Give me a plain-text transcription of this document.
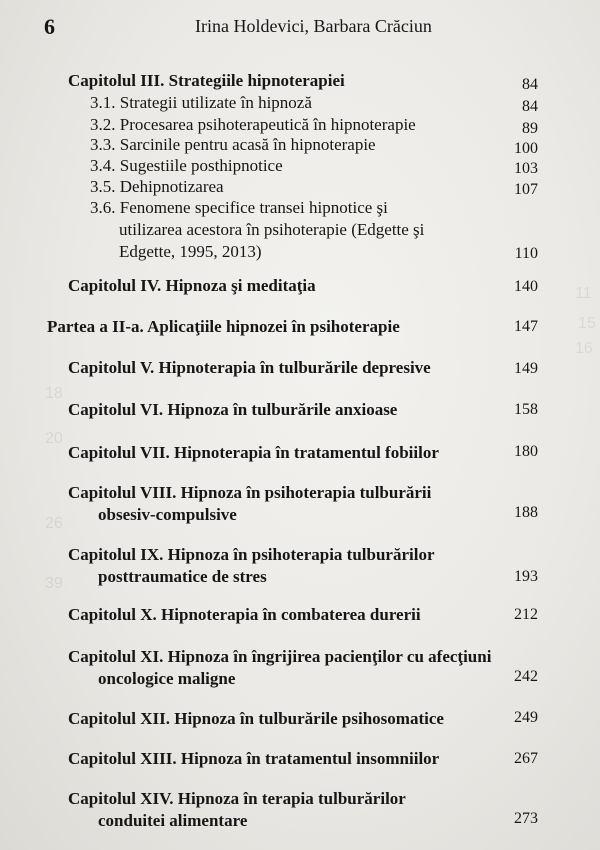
6	Irina Holdevici, Barbara Crăciun
11
15
16
18
20
26
39
Capitolul III. Strategiile hipnoterapiei	84
3.1. Strategii utilizate în hipnoză	84
3.2. Procesarea psihoterapeutică în hipnoterapie	89
3.3. Sarcinile pentru acasă în hipnoterapie	100
3.4. Sugestiile posthipnotice	103
3.5. Dehipnotizarea	107
3.6. Fenomene specifice transei hipnotice şi
utilizarea acestora în psihoterapie (Edgette şi
Edgette, 1995, 2013)	110
Capitolul IV. Hipnoza şi meditaţia	140
Partea a II-a. Aplicaţiile hipnozei în psihoterapie	147
Capitolul V. Hipnoterapia în tulburările depresive	149
Capitolul VI. Hipnoza în tulburările anxioase	158
Capitolul VII. Hipnoterapia în tratamentul fobiilor	180
Capitolul VIII. Hipnoza în psihoterapia tulburării
obsesiv-compulsive	188
Capitolul IX. Hipnoza în psihoterapia tulburărilor
posttraumatice de stres	193
Capitolul X. Hipnoterapia în combaterea durerii	212
Capitolul XI. Hipnoza în îngrijirea pacienţilor cu afecţiuni
oncologice maligne	242
Capitolul XII. Hipnoza în tulburările psihosomatice	249
Capitolul XIII. Hipnoza în tratamentul insomniilor	267
Capitolul XIV. Hipnoza în terapia tulburărilor
conduitei alimentare	273
